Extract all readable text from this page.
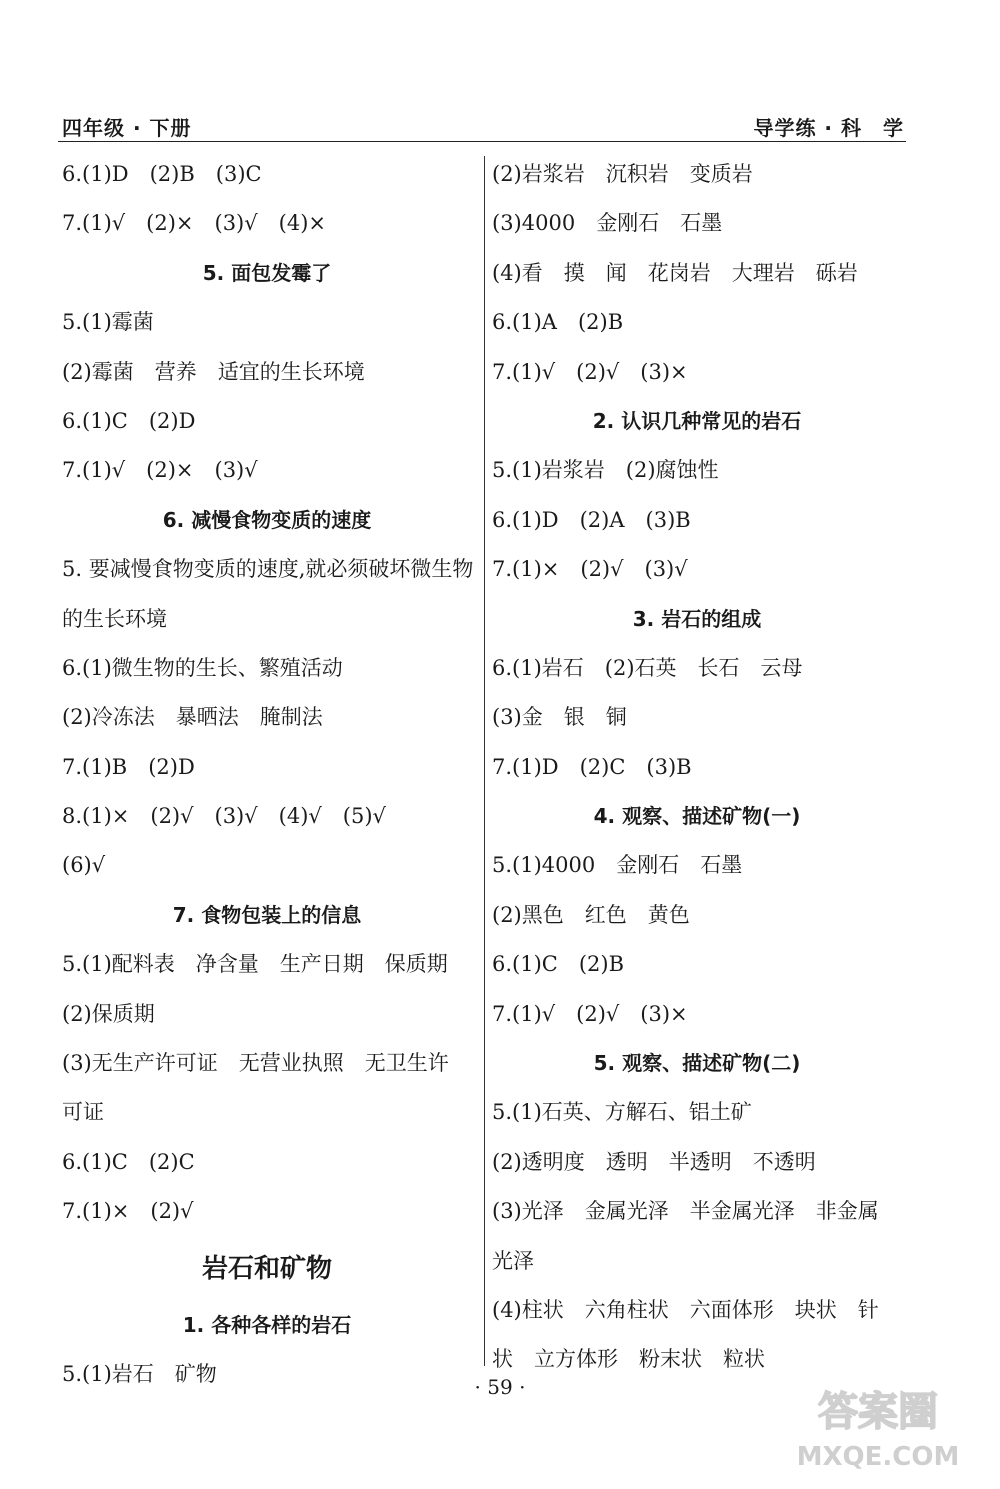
四年级 · 下册	导学练 · 科　学
6.(1)D　(2)B　(3)C
7.(1)√　(2)×　(3)√　(4)×
5. 面包发霉了
5.(1)霉菌
(2)霉菌　营养　适宜的生长环境
6.(1)C　(2)D
7.(1)√　(2)×　(3)√
6. 减慢食物变质的速度
5. 要减慢食物变质的速度,就必须破坏微生物
的生长环境
6.(1)微生物的生长、繁殖活动
(2)冷冻法　暴晒法　腌制法
7.(1)B　(2)D
8.(1)×　(2)√　(3)√　(4)√　(5)√
(6)√
7. 食物包装上的信息
5.(1)配料表　净含量　生产日期　保质期
(2)保质期
(3)无生产许可证　无营业执照　无卫生许
可证
6.(1)C　(2)C
7.(1)×　(2)√
岩石和矿物
1. 各种各样的岩石
5.(1)岩石　矿物
(2)岩浆岩　沉积岩　变质岩
(3)4000　金刚石　石墨
(4)看　摸　闻　花岗岩　大理岩　砾岩
6.(1)A　(2)B
7.(1)√　(2)√　(3)×
2. 认识几种常见的岩石
5.(1)岩浆岩　(2)腐蚀性
6.(1)D　(2)A　(3)B
7.(1)×　(2)√　(3)√
3. 岩石的组成
6.(1)岩石　(2)石英　长石　云母
(3)金　银　铜
7.(1)D　(2)C　(3)B
4. 观察、描述矿物(一)
5.(1)4000　金刚石　石墨
(2)黑色　红色　黄色
6.(1)C　(2)B
7.(1)√　(2)√　(3)×
5. 观察、描述矿物(二)
5.(1)石英、方解石、铝土矿
(2)透明度　透明　半透明　不透明
(3)光泽　金属光泽　半金属光泽　非金属
光泽
(4)柱状　六角柱状　六面体形　块状　针
状　立方体形　粉末状　粒状
· 59 ·
答案圈
MXQE.COM
